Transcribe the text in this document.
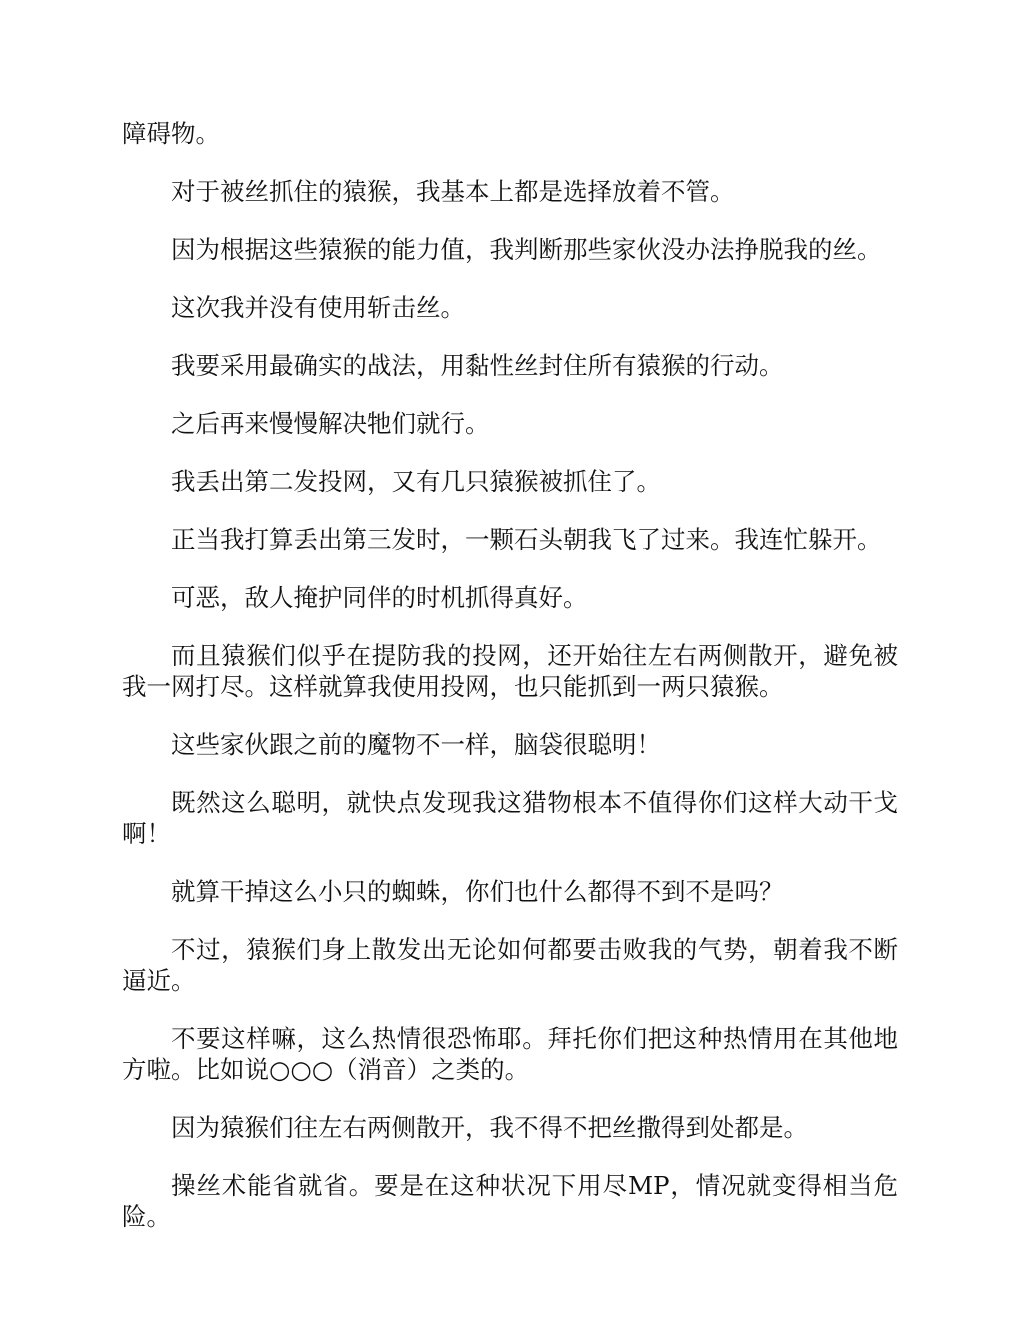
障碍物。

对于被丝抓住的猿猴，我基本上都是选择放着不管。

因为根据这些猿猴的能力值，我判断那些家伙没办法挣脱我的丝。

这次我并没有使用斩击丝。

我要采用最确实的战法，用黏性丝封住所有猿猴的行动。

之后再来慢慢解决牠们就行。

我丢出第二发投网，又有几只猿猴被抓住了。

正当我打算丢出第三发时，一颗石头朝我飞了过来。我连忙躲开。

可恶，敌人掩护同伴的时机抓得真好。

而且猿猴们似乎在提防我的投网，还开始往左右两侧散开，避免被我一网打尽。这样就算我使用投网，也只能抓到一两只猿猴。

这些家伙跟之前的魔物不一样，脑袋很聪明！

既然这么聪明，就快点发现我这猎物根本不值得你们这样大动干戈啊！

就算干掉这么小只的蜘蛛，你们也什么都得不到不是吗？

不过，猿猴们身上散发出无论如何都要击败我的气势，朝着我不断逼近。

不要这样嘛，这么热情很恐怖耶。拜托你们把这种热情用在其他地方啦。比如说○○○（消音）之类的。

因为猿猴们往左右两侧散开，我不得不把丝撒得到处都是。

操丝术能省就省。要是在这种状况下用尽MP，情况就变得相当危险。
